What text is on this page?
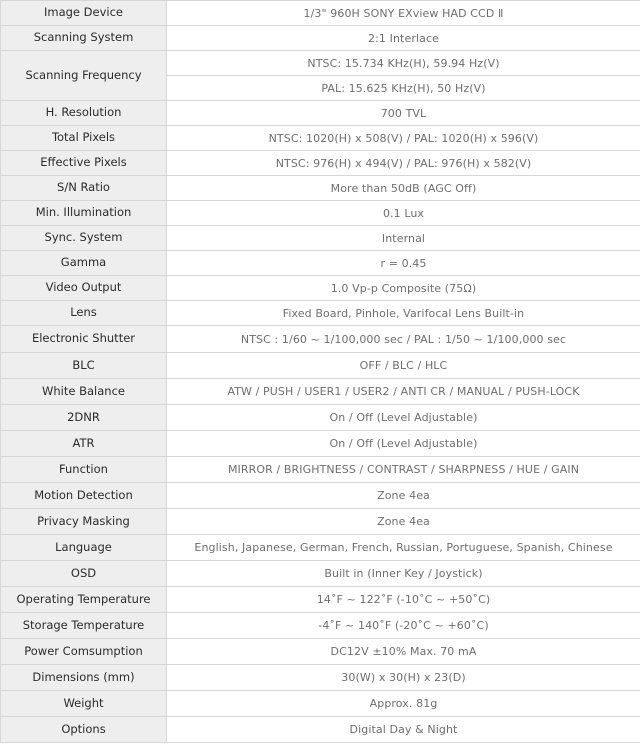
Image Device	1/3" 960H SONY EXview HAD CCD Ⅱ
Scanning System	2:1 Interlace
Scanning Frequency	NTSC: 15.734 KHz(H), 59.94 Hz(V)
	PAL: 15.625 KHz(H), 50 Hz(V)
H. Resolution	700 TVL
Total Pixels	NTSC: 1020(H) x 508(V) / PAL: 1020(H) x 596(V)
Effective Pixels	NTSC: 976(H) x 494(V) / PAL: 976(H) x 582(V)
S/N Ratio	More than 50dB (AGC Off)
Min. Illumination	0.1 Lux
Sync. System	Internal
Gamma	r = 0.45
Video Output	1.0 Vp-p Composite (75Ω)
Lens	Fixed Board, Pinhole, Varifocal Lens Built-in
Electronic Shutter	NTSC : 1/60 ~ 1/100,000 sec / PAL : 1/50 ~ 1/100,000 sec
BLC	OFF / BLC / HLC
White Balance	ATW / PUSH / USER1 / USER2 / ANTI CR / MANUAL / PUSH-LOCK
2DNR	On / Off (Level Adjustable)
ATR	On / Off (Level Adjustable)
Function	MIRROR / BRIGHTNESS / CONTRAST / SHARPNESS / HUE / GAIN
Motion Detection	Zone 4ea
Privacy Masking	Zone 4ea
Language	English, Japanese, German, French, Russian, Portuguese, Spanish, Chinese
OSD	Built in (Inner Key / Joystick)
Operating Temperature	14˚F ~ 122˚F (-10˚C ~ +50˚C)
Storage Temperature	-4˚F ~ 140˚F (-20˚C ~ +60˚C)
Power Comsumption	DC12V ±10% Max. 70 mA
Dimensions (mm)	30(W) x 30(H) x 23(D)
Weight	Approx. 81g
Options	Digital Day & Night
